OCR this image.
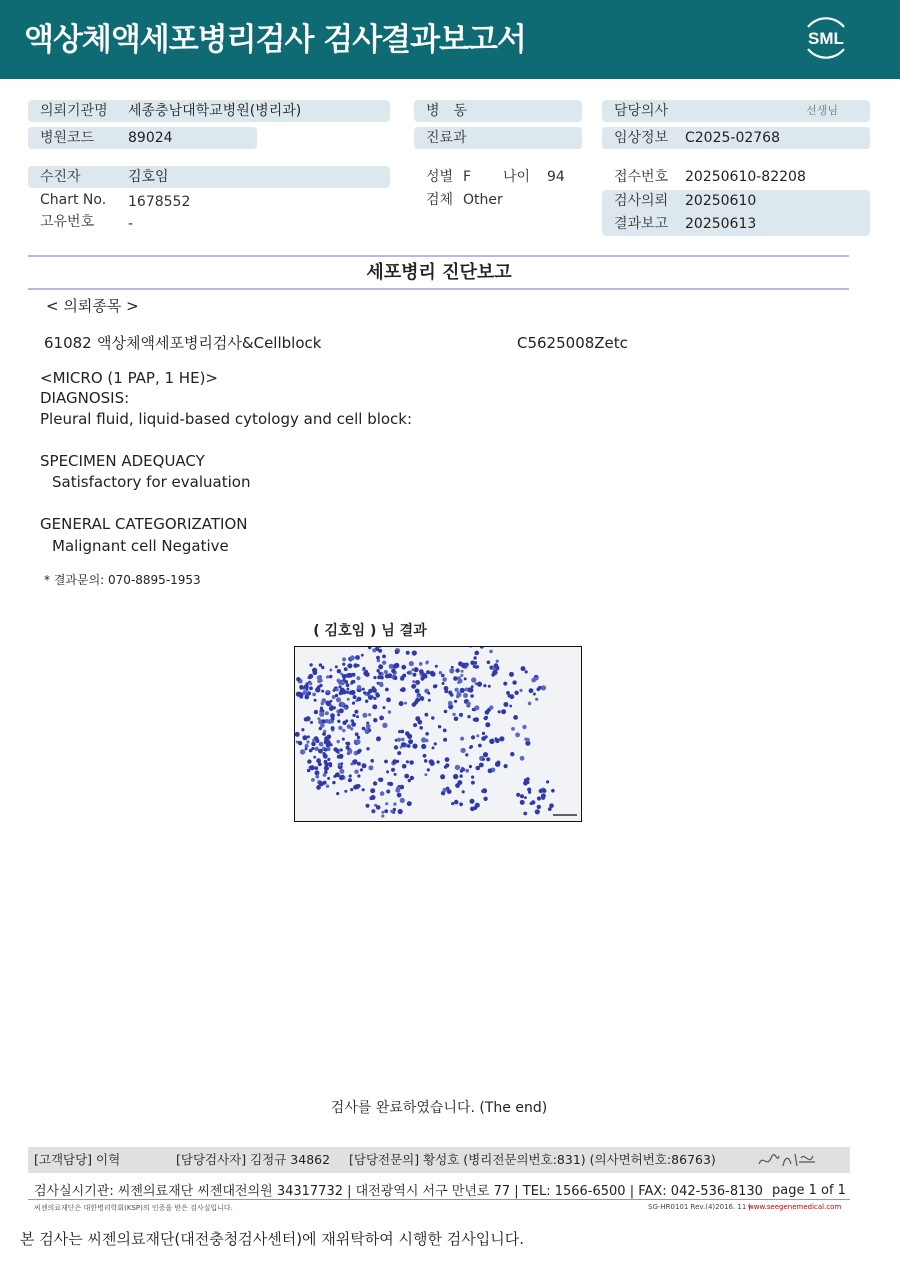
액상체액세포병리검사 검사결과보고서	SML
의뢰기관명 세종충남대학교병원(병리과)
병원코드 89024
수진자	김호임
Chart No. 1678552
고유번호 -
병　동
진료과
성별 F 나이 94
검체 Other
담당의사	선생님
임상정보 C2025-02768
접수번호 20250610-82208
검사의뢰 20250610
결과보고 20250613
세포병리 진단보고
< 의뢰종목 >
61082 액상체액세포병리검사&Cellblock	C5625008Zetc
<MICRO (1 PAP, 1 HE)>
DIAGNOSIS:
Pleural fluid, liquid-based cytology and cell block:
SPECIMEN ADEQUACY
Satisfactory for evaluation
GENERAL CATEGORIZATION
Malignant cell Negative
* 결과문의: 070-8895-1953
( 김호임 ) 님 결과
검사를 완료하였습니다. (The end)
[고객담당] 이혁	[담당검사자] 김정규 34862 [담당전문의] 황성호 (병리전문의번호:831) (의사면허번호:86763)
검사실시기관: 씨젠의료재단 씨젠대전의원 34317732 | 대전광역시 서구 만년로 77 | TEL: 1566-6500 | FAX: 042-536-8130 page 1 of 1
씨젠의료재단은 대한병리학회(KSP)의 인증을 받은 검사실입니다.	SG-HR0101 Rev.(4)2016. 11 |
www.seegenemedical.com
본 검사는 씨젠의료재단(대전충청검사센터)에 재위탁하여 시행한 검사입니다.
